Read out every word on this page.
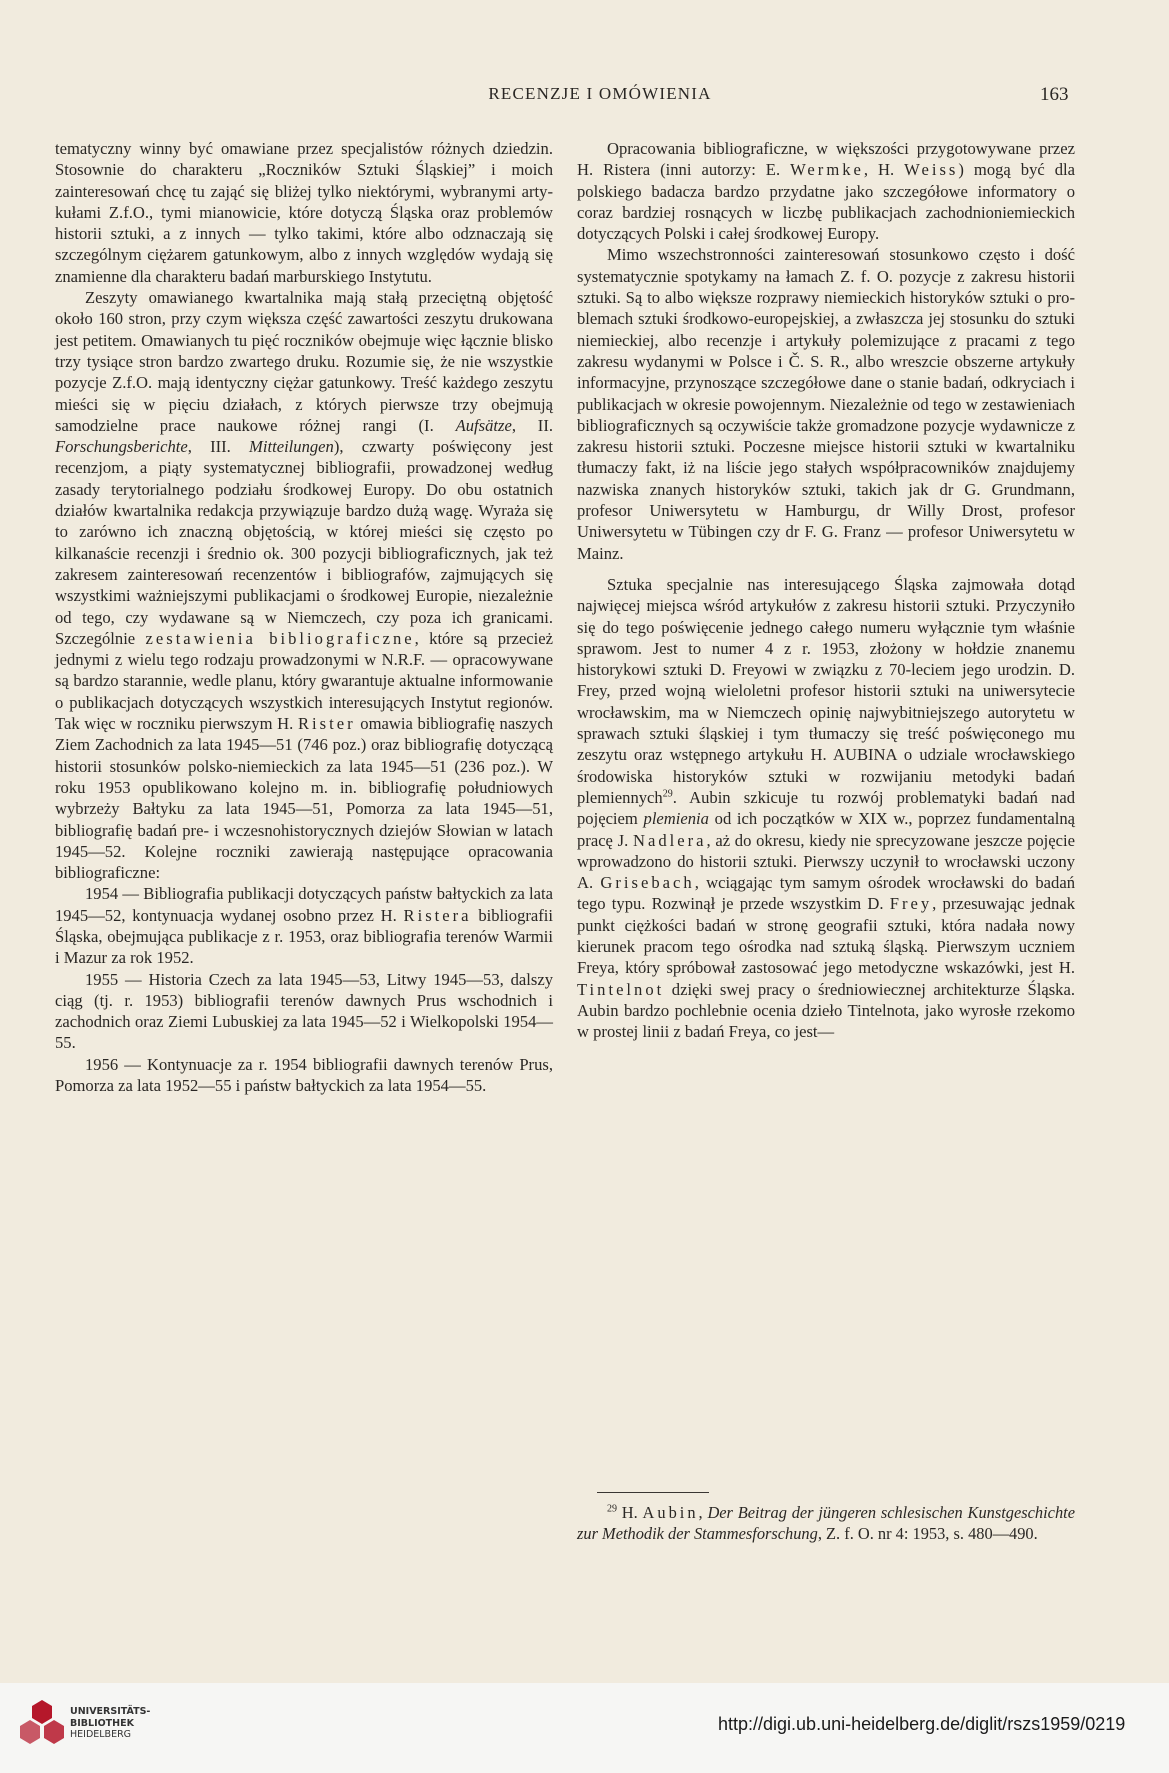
RECENZJE I OMÓWIENIA	163

tematyczny winny być omawiane przez specjalistów różnych dziedzin. Stosownie do charakteru „Roczników Sztuki Śląskiej” i moich zainteresowań chcę tu zająć się bliżej tylko niektórymi, wybranymi artykułami Z.f.O., tymi mianowicie, które dotyczą Śląska oraz problemów historii sztuki, a z innych — tylko takimi, które albo odznaczają się szczególnym ciężarem gatunkowym, albo z innych względów wydają się znamienne dla charakteru badań marburskiego Instytutu.

Zeszyty omawianego kwartalnika mają stałą przeciętną objętość około 160 stron, przy czym większa część zawartości zeszytu drukowana jest petitem. Omawianych tu pięć roczników obejmuje więc łącznie blisko trzy tysiące stron bardzo zwartego druku. Rozumie się, że nie wszystkie pozycje Z.f.O. mają identyczny ciężar gatunkowy. Treść każdego zeszytu mieści się w pięciu działach, z których pierwsze trzy obejmują samodzielne prace naukowe różnej rangi (I. Aufsätze, II. Forschungsberichte, III. Mitteilungen), czwarty poświęcony jest recenzjom, a piąty systematycznej bibliografii, prowadzonej według zasady terytorialnego podziału środkowej Europy. Do obu ostatnich działów kwartalnika redakcja przywiązuje bardzo dużą wagę. Wyraża się to zarówno ich znaczną objętością, w której mieści się często po kilkanaście recenzji i średnio ok. 300 pozycji bibliograficznych, jak też zakresem zainteresowań recenzentów i bibliografów, zajmujących się wszystkimi ważniejszymi publikacjami o środkowej Europie, niezależnie od tego, czy wydawane są w Niemczech, czy poza ich granicami. Szczególnie zestawienia bibliograficzne, które są przecież jednymi z wielu tego rodzaju prowadzonymi w N.R.F. — opracowywane są bardzo starannie, wedle planu, który gwarantuje aktualne informowanie o publikacjach dotyczących wszystkich interesujących Instytut regionów. Tak więc w roczniku pierwszym H. Rister omawia bibliografię naszych Ziem Zachodnich za lata 1945—51 (746 poz.) oraz bibliografię dotyczącą historii stosunków polsko-niemieckich za lata 1945—51 (236 poz.). W roku 1953 opublikowano kolejno m. in. bibliografię południowych wybrzeży Bałtyku za lata 1945—51, Pomorza za lata 1945—51, bibliografię badań pre- i wczesnohistorycznych dziejów Słowian w latach 1945—52. Kolejne roczniki zawierają następujące opracowania bibliograficzne:

1954 — Bibliografia publikacji dotyczących państw bałtyckich za lata 1945—52, kontynuacja wydanej osobno przez H. Ristera bibliografii Śląska, obejmująca publikacje z r. 1953, oraz bibliografia terenów Warmii i Mazur za rok 1952.

1955 — Historia Czech za lata 1945—53, Litwy 1945—53, dalszy ciąg (tj. r. 1953) bibliografii terenów dawnych Prus wschodnich i zachodnich oraz Ziemi Lubuskiej za lata 1945—52 i Wielkopolski 1954—55.

1956 — Kontynuacje za r. 1954 bibliografii dawnych terenów Prus, Pomorza za lata 1952—55 i państw bałtyckich za lata 1954—55.

Opracowania bibliograficzne, w większości przygotowywane przez H. Ristera (inni autorzy: E. Wermke, H. Weiss) mogą być dla polskiego badacza bardzo przydatne jako szczegółowe informatory o coraz bardziej rosnących w liczbę publikacjach zachodnioniemieckich dotyczących Polski i całej środkowej Europy.

Mimo wszechstronności zainteresowań stosunkowo często i dość systematycznie spotykamy na łamach Z. f. O. pozycje z zakresu historii sztuki. Są to albo większe rozprawy niemieckich historyków sztuki o problemach sztuki środkowo-europejskiej, a zwłaszcza jej stosunku do sztuki niemieckiej, albo recenzje i artykuły polemizujące z pracami z tego zakresu wydanymi w Polsce i Č. S. R., albo wreszcie obszerne artykuły informacyjne, przynoszące szczegółowe dane o stanie badań, odkryciach i publikacjach w okresie powojennym. Niezależnie od tego w zestawieniach bibliograficznych są oczywiście także gromadzone pozycje wydawnicze z zakresu historii sztuki. Poczesne miejsce historii sztuki w kwartalniku tłumaczy fakt, iż na liście jego stałych współpracowników znajdujemy nazwiska znanych historyków sztuki, takich jak dr G. Grundmann, profesor Uniwersytetu w Hamburgu, dr Willy Drost, profesor Uniwersytetu w Tübingen czy dr F. G. Franz — profesor Uniwersytetu w Mainz.

Sztuka specjalnie nas interesującego Śląska zajmowała dotąd najwięcej miejsca wśród artykułów z zakresu historii sztuki. Przyczyniło się do tego poświęcenie jednego całego numeru wyłącznie tym właśnie sprawom. Jest to numer 4 z r. 1953, złożony w hołdzie znanemu historykowi sztuki D. Freyowi w związku z 70-leciem jego urodzin. D. Frey, przed wojną wieloletni profesor historii sztuki na uniwersytecie wrocławskim, ma w Niemczech opinię najwybitniejszego autorytetu w sprawach sztuki śląskiej i tym tłumaczy się treść poświęconego mu zeszytu oraz wstępnego artykułu H. AUBINA o udziale wrocławskiego środowiska historyków sztuki w rozwijaniu metodyki badań plemiennych$^{29}$. Aubin szkicuje tu rozwój problematyki badań nad pojęciem plemienia od ich początków w XIX w., poprzez fundamentalną pracę J. Nadlera, aż do okresu, kiedy nie sprecyzowane jeszcze pojęcie wprowadzono do historii sztuki. Pierwszy uczynił to wrocławski uczony A. Grisebach, wciągając tym samym ośrodek wrocławski do badań tego typu. Rozwinął je przede wszystkim D. Frey, przesuwając jednak punkt ciężkości badań w stronę geografii sztuki, która nadała nowy kierunek pracom tego ośrodka nad sztuką śląską. Pierwszym uczniem Freya, który spróbował zastosować jego metodyczne wskazówki, jest H. Tintelnot dzięki swej pracy o średniowiecznej architekturze Śląska. Aubin bardzo pochlebnie ocenia dzieło Tintelnota, jako wyrosłe rzekomo w prostej linii z badań Freya, co jest—

$^{29}$ H. Aubin, Der Beitrag der jüngeren schlesischen Kunstgeschichte zur Methodik der Stammesforschung, Z. f. O. nr 4: 1953, s. 480—490.
UNIVERSITÄTS-
BIBLIOTHEK
HEIDELBERG
http://digi.ub.uni-heidelberg.de/diglit/rszs1959/0219
